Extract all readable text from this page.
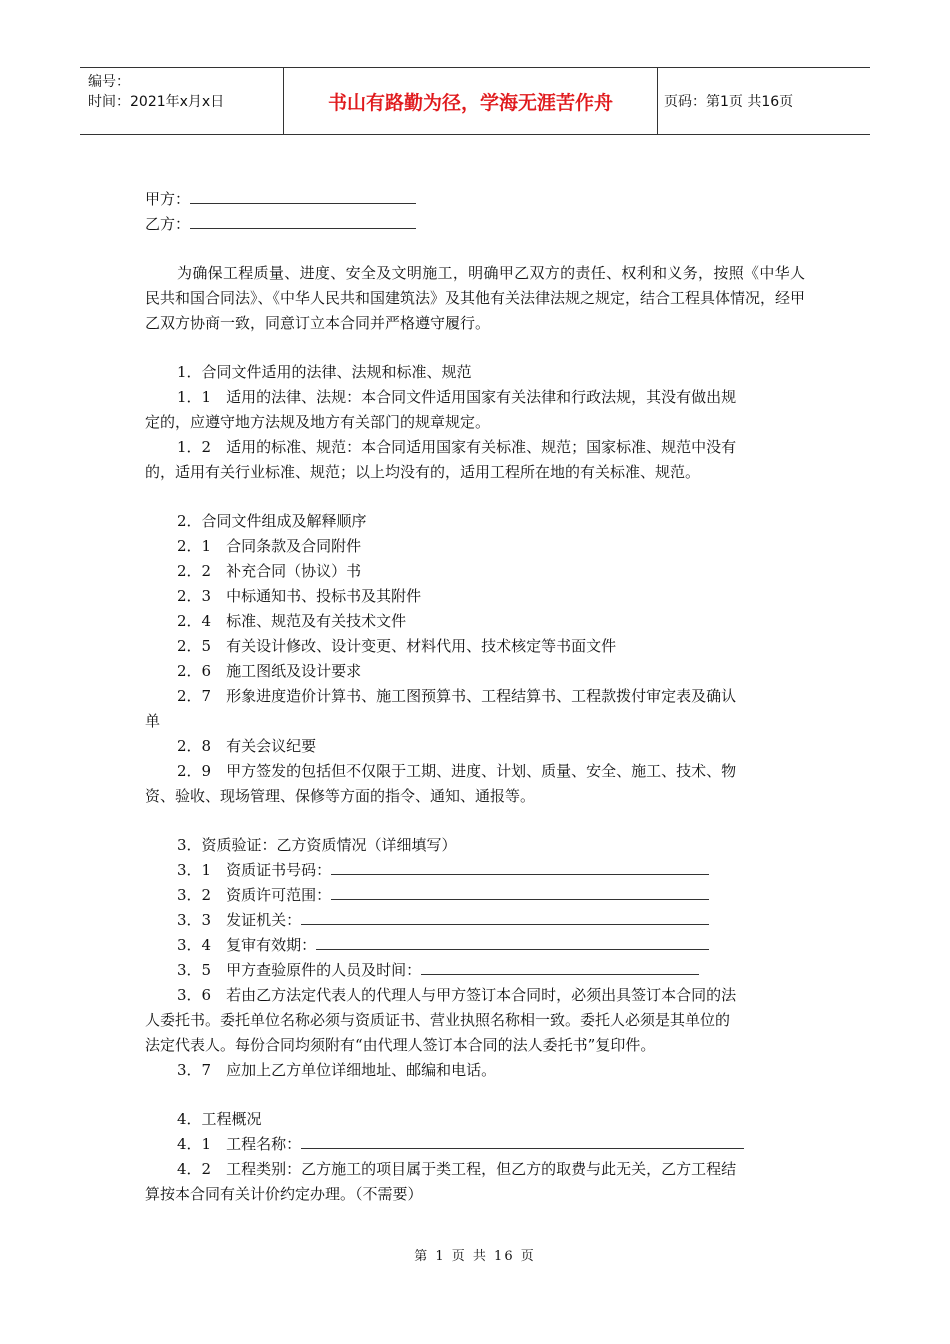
编号：
时间：2021年x月x日	书山有路勤为径，学海无涯苦作舟	页码：第1页 共16页
甲方：
乙方：
为确保工程质量、进度、安全及文明施工，明确甲乙双方的责任、权利和义务，按照《中华人民共和国合同法》、《中华人民共和国建筑法》及其他有关法律法规之规定，结合工程具体情况，经甲乙双方协商一致，同意订立本合同并严格遵守履行。
1．合同文件适用的法律、法规和标准、规范
1．1　适用的法律、法规：本合同文件适用国家有关法律和行政法规，其没有做出规
定的，应遵守地方法规及地方有关部门的规章规定。
1．2　适用的标准、规范：本合同适用国家有关标准、规范；国家标准、规范中没有
的，适用有关行业标准、规范；以上均没有的，适用工程所在地的有关标准、规范。
2．合同文件组成及解释顺序
2．1　合同条款及合同附件
2．2　补充合同（协议）书
2．3　中标通知书、投标书及其附件
2．4　标准、规范及有关技术文件
2．5　有关设计修改、设计变更、材料代用、技术核定等书面文件
2．6　施工图纸及设计要求
2．7　形象进度造价计算书、施工图预算书、工程结算书、工程款拨付审定表及确认
单
2．8　有关会议纪要
2．9　甲方签发的包括但不仅限于工期、进度、计划、质量、安全、施工、技术、物
资、验收、现场管理、保修等方面的指令、通知、通报等。
3．资质验证：乙方资质情况（详细填写）
3．1　资质证书号码：
3．2　资质许可范围：
3．3　发证机关：
3．4　复审有效期：
3．5　甲方查验原件的人员及时间：
3．6　若由乙方法定代表人的代理人与甲方签订本合同时，必须出具签订本合同的法
人委托书。委托单位名称必须与资质证书、营业执照名称相一致。委托人必须是其单位的
法定代表人。每份合同均须附有“由代理人签订本合同的法人委托书”复印件。
3．7　应加上乙方单位详细地址、邮编和电话。
4．工程概况
4．1　工程名称：
4．2　工程类别：乙方施工的项目属于类工程，但乙方的取费与此无关，乙方工程结
算按本合同有关计价约定办理。（不需要）
第 1 页 共 16 页
